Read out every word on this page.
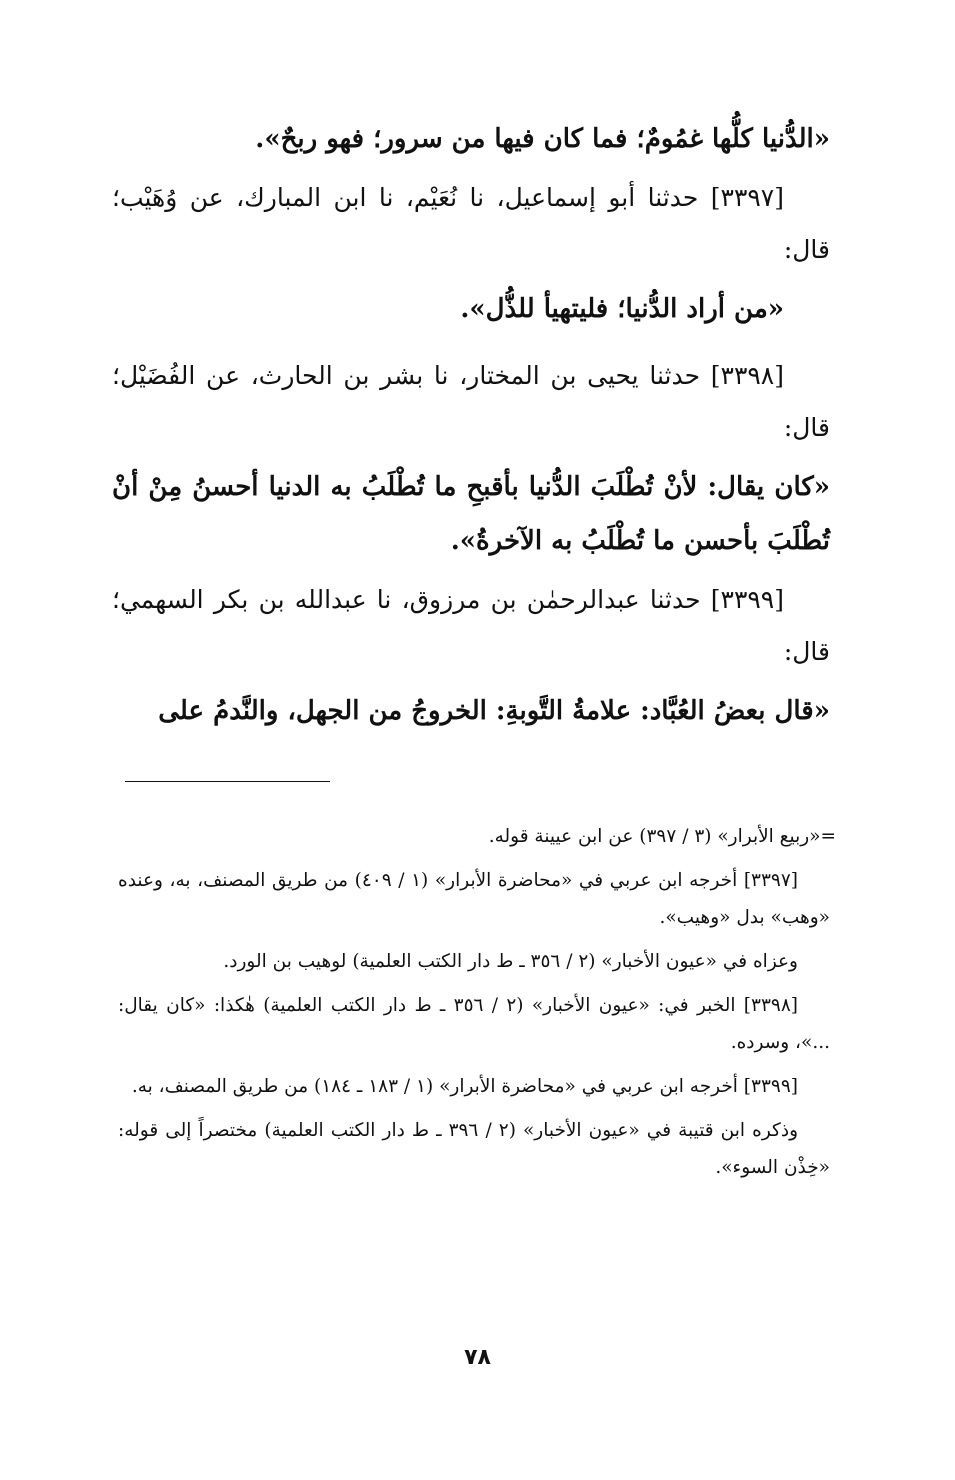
«الدُّنيا كلُّها غمُومٌ؛ فما كان فيها من سرور؛ فهو ربحٌ».

[٣٣٩٧] حدثنا أبو إسماعيل، نا نُعَيْم، نا ابن المبارك، عن وُهَيْب؛ قال:

«من أراد الدُّنيا؛ فليتهيأ للذُّل».

[٣٣٩٨] حدثنا يحيى بن المختار، نا بشر بن الحارث، عن الفُضَيْل؛ قال:

«كان يقال: لأنْ تُطْلَبَ الدُّنيا بأقبحِ ما تُطْلَبُ به الدنيا أحسنُ مِنْ أنْ تُطْلَبَ بأحسن ما تُطْلَبُ به الآخرةُ».

[٣٣٩٩] حدثنا عبدالرحمٰن بن مرزوق، نا عبدالله بن بكر السهمي؛ قال:

«قال بعضُ العُبَّاد: علامةُ التَّوبةِ: الخروجُ من الجهل، والنَّدمُ على

=«ربيع الأبرار» (٣ / ٣٩٧) عن ابن عيينة قوله.

[٣٣٩٧] أخرجه ابن عربي في «محاضرة الأبرار» (١ / ٤٠٩) من طريق المصنف، به، وعنده «وهب» بدل «وهيب».

وعزاه في «عيون الأخبار» (٢ / ٣٥٦ ـ ط دار الكتب العلمية) لوهيب بن الورد.

[٣٣٩٨] الخبر في: «عيون الأخبار» (٢ / ٣٥٦ ـ ط دار الكتب العلمية) هٰكذا: «كان يقال: ...»، وسرده.

[٣٣٩٩] أخرجه ابن عربي في «محاضرة الأبرار» (١ / ١٨٣ ـ ١٨٤) من طريق المصنف، به.

وذكره ابن قتيبة في «عيون الأخبار» (٢ / ٣٩٦ ـ ط دار الكتب العلمية) مختصراً إلى قوله: «خِذْن السوء».

٧٨
